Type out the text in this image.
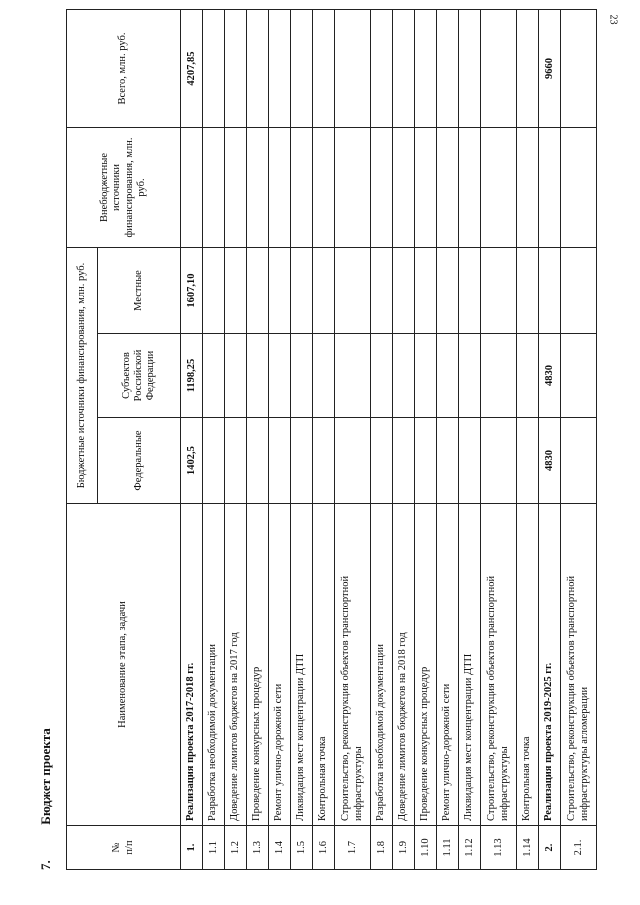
23
7. Бюджет проекта
№
п/п	Наименование этапа, задачи	Бюджетные источники финансирования, млн. руб.			Внебюджетные источники финансирования, млн. руб.	Всего, млн. руб.
		Федеральные	Субъектов Российской Федерации	Местные		
1.	Реализация проекта 2017-2018 гг.	1402,5	1198,25	1607,10		4207,85
1.1	Разработка необходимой документации					
1.2	Доведение лимитов бюджетов на 2017 год					
1.3	Проведение конкурсных процедур					
1.4	Ремонт улично-дорожной сети					
1.5	Ликвидация мест концентрации ДТП					
1.6	Контрольная точка					
1.7	Строительство, реконструкция объектов транспортной инфраструктуры					
1.8	Разработка необходимой документации					
1.9	Доведение лимитов бюджетов на 2018 год					
1.10	Проведение конкурсных процедур					
1.11	Ремонт улично-дорожной сети					
1.12	Ликвидация мест концентрации ДТП					
1.13	Строительство, реконструкция объектов транспортной инфраструктуры					
1.14	Контрольная точка					
2.	Реализация проекта 2019-2025 гг.	4830	4830			9660
2.1.	Строительство, реконструкция объектов транспортной инфраструктуры агломерации					
